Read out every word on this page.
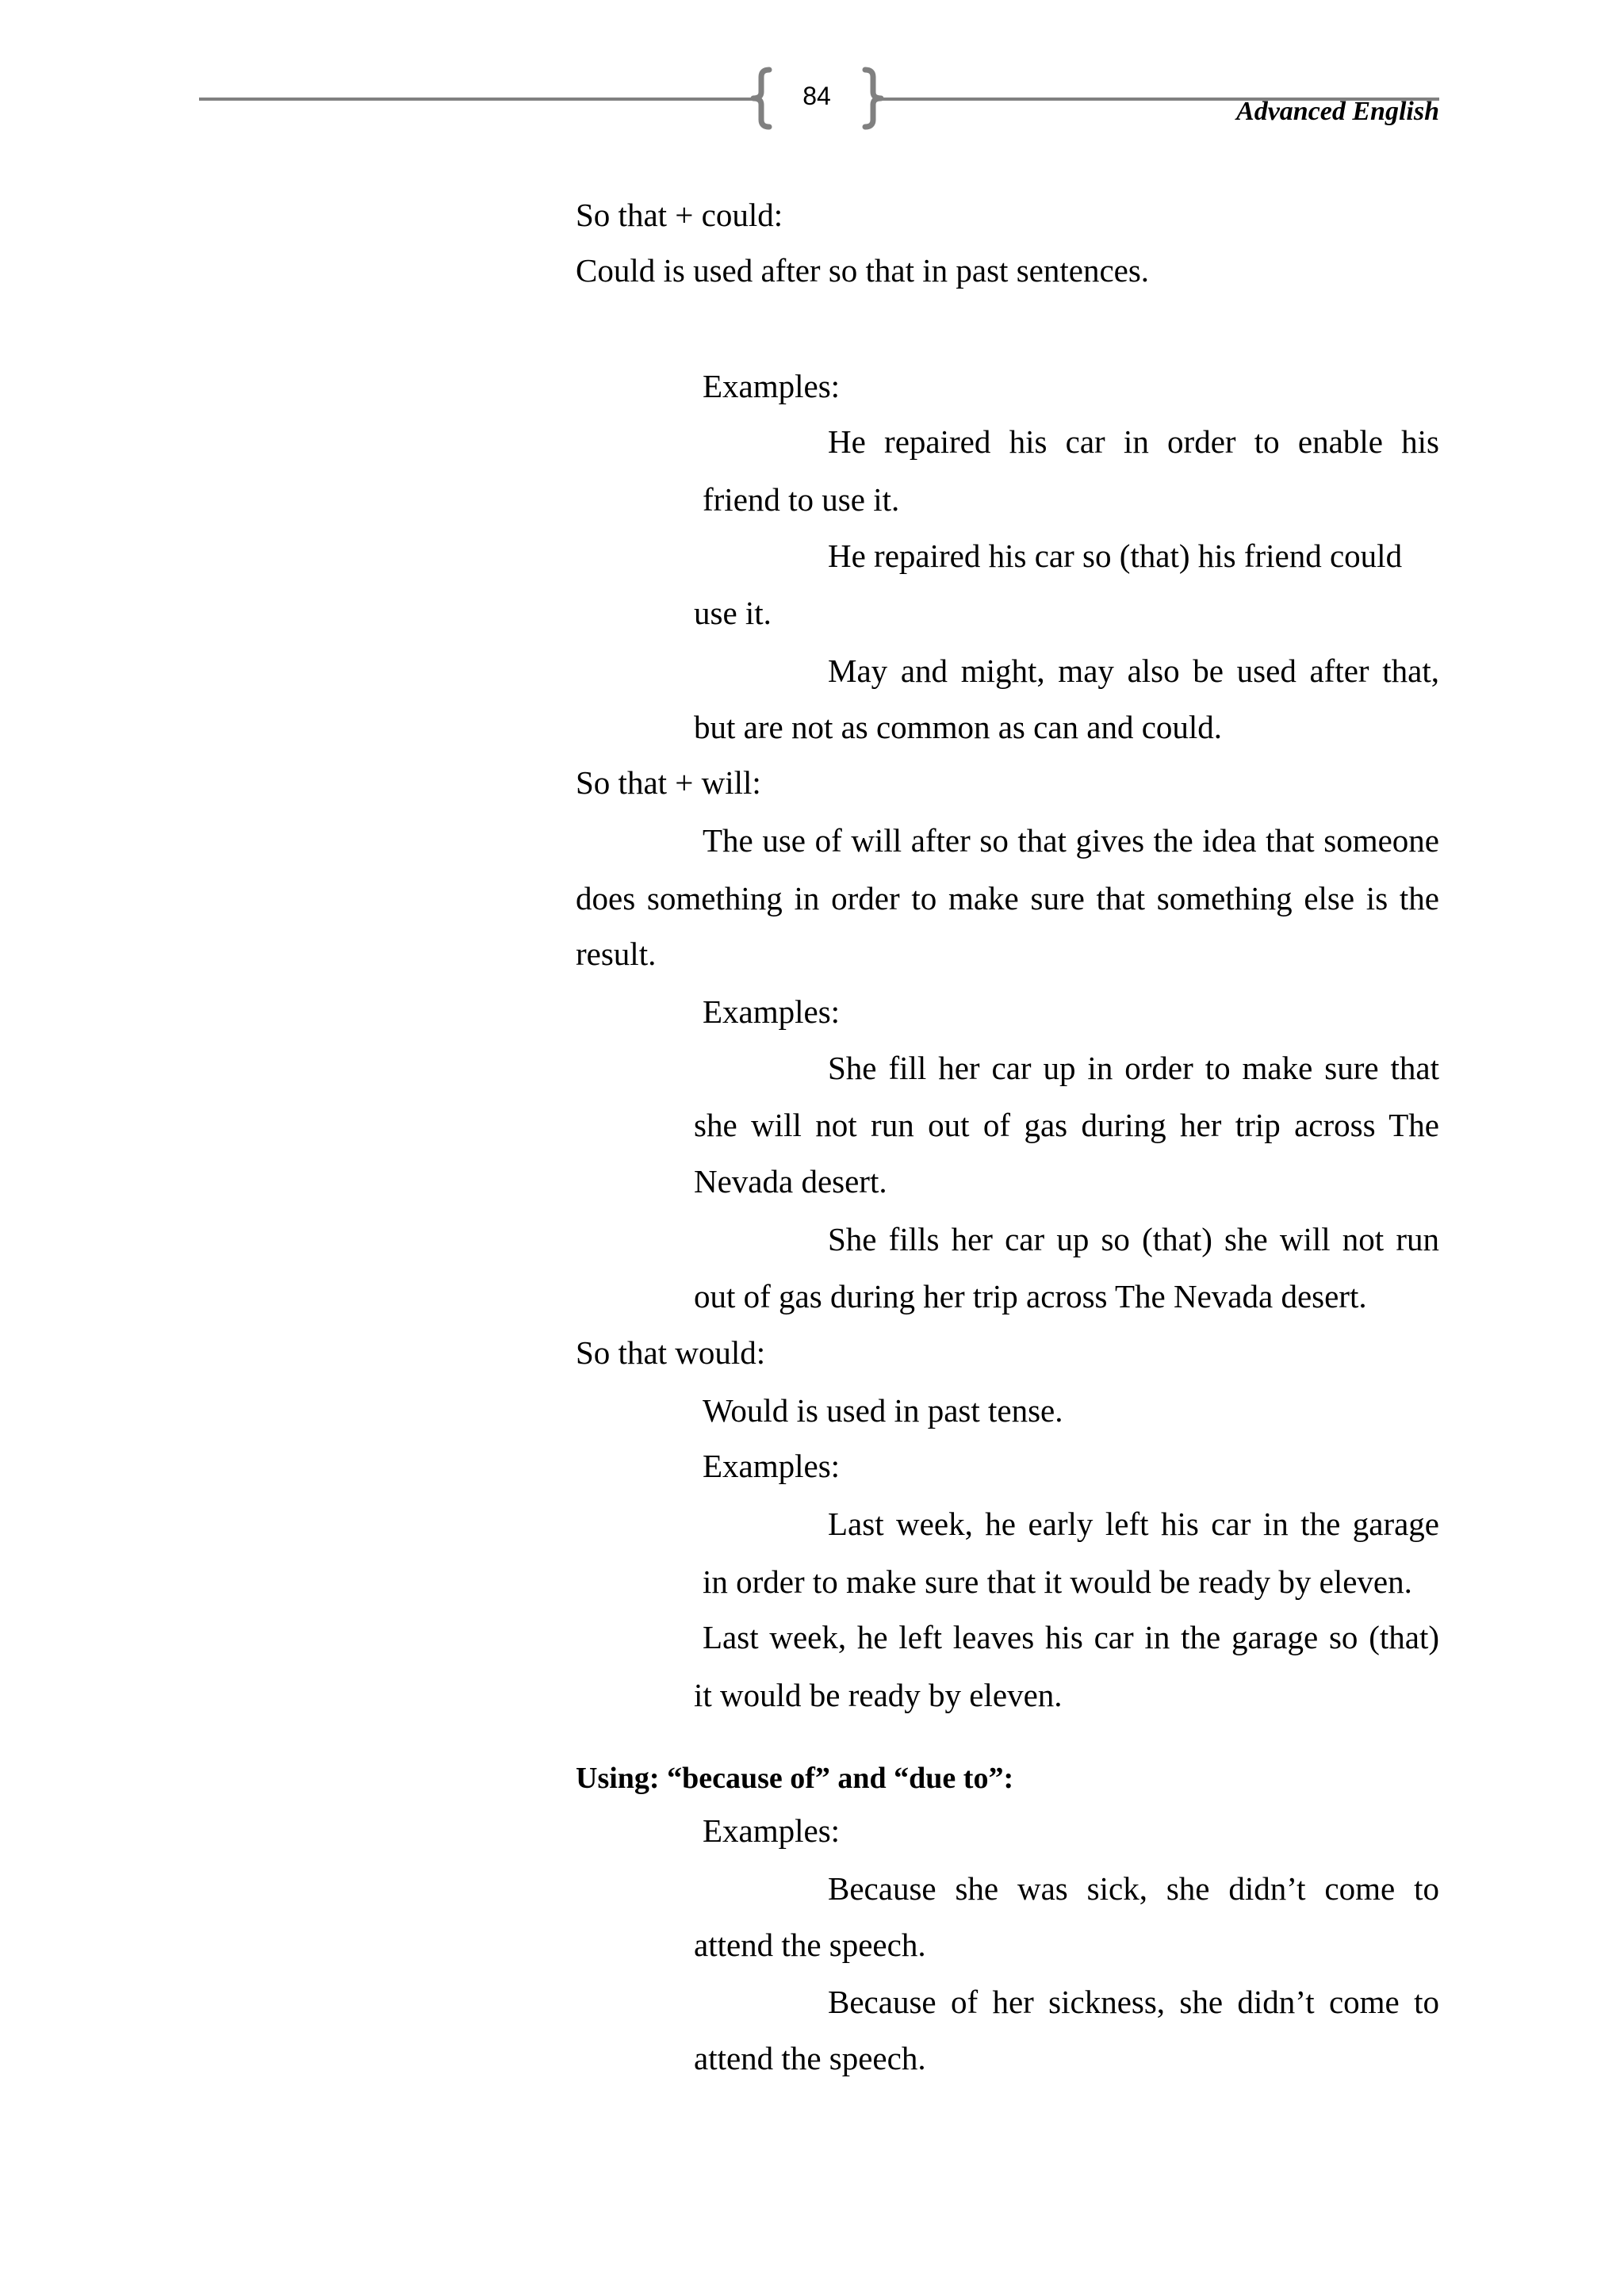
84
Advanced English
So that + could:
Could is used after so that in past sentences.
Examples:
He repaired his car in order to enable his
friend to use it.
He repaired his car so (that) his friend could
use it.
May and might, may also be used after that,
but are not as common as can and could.
So that + will:
The use of will after so that gives the idea that someone
does something in order to make sure that something else is the
result.
Examples:
She fill her car up in order to make sure that
she will not run out of gas during her trip across The
Nevada desert.
She fills her car up so (that) she will not run
out of gas during her trip across The Nevada desert.
So that would:
Would is used in past tense.
Examples:
Last week, he early left his car in the garage
in order to make sure that it would be ready by eleven.
Last week, he left leaves his car in the garage so (that)
it would be ready by eleven.
Using: “because of” and “due to”:
Examples:
Because she was sick, she didn’t come to
attend the speech.
Because of her sickness, she didn’t come to
attend the speech.
